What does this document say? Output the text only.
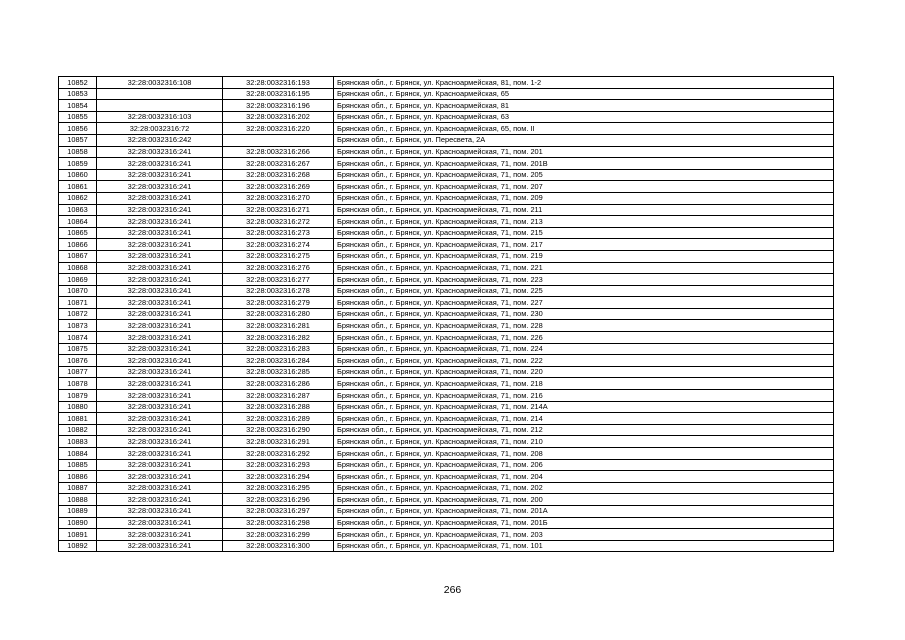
10852	32:28:0032316:108	32:28:0032316:193	Брянская обл., г. Брянск, ул. Красноармейская, 81, пом. 1-2
10853		32:28:0032316:195	Брянская обл., г. Брянск, ул. Красноармейская, 65
10854		32:28:0032316:196	Брянская обл., г. Брянск, ул. Красноармейская, 81
10855	32:28:0032316:103	32:28:0032316:202	Брянская обл., г. Брянск, ул. Красноармейская, 63
10856	32:28:0032316:72	32:28:0032316:220	Брянская обл., г. Брянск, ул. Красноармейская, 65, пом. II
10857	32:28:0032316:242		Брянская обл., г. Брянск, ул. Пересвета, 2А
10858	32:28:0032316:241	32:28:0032316:266	Брянская обл., г. Брянск, ул. Красноармейская, 71, пом. 201
10859	32:28:0032316:241	32:28:0032316:267	Брянская обл., г. Брянск, ул. Красноармейская, 71, пом. 201В
10860	32:28:0032316:241	32:28:0032316:268	Брянская обл., г. Брянск, ул. Красноармейская, 71, пом. 205
10861	32:28:0032316:241	32:28:0032316:269	Брянская обл., г. Брянск, ул. Красноармейская, 71, пом. 207
10862	32:28:0032316:241	32:28:0032316:270	Брянская обл., г. Брянск, ул. Красноармейская, 71, пом. 209
10863	32:28:0032316:241	32:28:0032316:271	Брянская обл., г. Брянск, ул. Красноармейская, 71, пом. 211
10864	32:28:0032316:241	32:28:0032316:272	Брянская обл., г. Брянск, ул. Красноармейская, 71, пом. 213
10865	32:28:0032316:241	32:28:0032316:273	Брянская обл., г. Брянск, ул. Красноармейская, 71, пом. 215
10866	32:28:0032316:241	32:28:0032316:274	Брянская обл., г. Брянск, ул. Красноармейская, 71, пом. 217
10867	32:28:0032316:241	32:28:0032316:275	Брянская обл., г. Брянск, ул. Красноармейская, 71, пом. 219
10868	32:28:0032316:241	32:28:0032316:276	Брянская обл., г. Брянск, ул. Красноармейская, 71, пом. 221
10869	32:28:0032316:241	32:28:0032316:277	Брянская обл., г. Брянск, ул. Красноармейская, 71, пом. 223
10870	32:28:0032316:241	32:28:0032316:278	Брянская обл., г. Брянск, ул. Красноармейская, 71, пом. 225
10871	32:28:0032316:241	32:28:0032316:279	Брянская обл., г. Брянск, ул. Красноармейская, 71, пом. 227
10872	32:28:0032316:241	32:28:0032316:280	Брянская обл., г. Брянск, ул. Красноармейская, 71, пом. 230
10873	32:28:0032316:241	32:28:0032316:281	Брянская обл., г. Брянск, ул. Красноармейская, 71, пом. 228
10874	32:28:0032316:241	32:28:0032316:282	Брянская обл., г. Брянск, ул. Красноармейская, 71, пом. 226
10875	32:28:0032316:241	32:28:0032316:283	Брянская обл., г. Брянск, ул. Красноармейская, 71, пом. 224
10876	32:28:0032316:241	32:28:0032316:284	Брянская обл., г. Брянск, ул. Красноармейская, 71, пом. 222
10877	32:28:0032316:241	32:28:0032316:285	Брянская обл., г. Брянск, ул. Красноармейская, 71, пом. 220
10878	32:28:0032316:241	32:28:0032316:286	Брянская обл., г. Брянск, ул. Красноармейская, 71, пом. 218
10879	32:28:0032316:241	32:28:0032316:287	Брянская обл., г. Брянск, ул. Красноармейская, 71, пом. 216
10880	32:28:0032316:241	32:28:0032316:288	Брянская обл., г. Брянск, ул. Красноармейская, 71, пом. 214А
10881	32:28:0032316:241	32:28:0032316:289	Брянская обл., г. Брянск, ул. Красноармейская, 71, пом. 214
10882	32:28:0032316:241	32:28:0032316:290	Брянская обл., г. Брянск, ул. Красноармейская, 71, пом. 212
10883	32:28:0032316:241	32:28:0032316:291	Брянская обл., г. Брянск, ул. Красноармейская, 71, пом. 210
10884	32:28:0032316:241	32:28:0032316:292	Брянская обл., г. Брянск, ул. Красноармейская, 71, пом. 208
10885	32:28:0032316:241	32:28:0032316:293	Брянская обл., г. Брянск, ул. Красноармейская, 71, пом. 206
10886	32:28:0032316:241	32:28:0032316:294	Брянская обл., г. Брянск, ул. Красноармейская, 71, пом. 204
10887	32:28:0032316:241	32:28:0032316:295	Брянская обл., г. Брянск, ул. Красноармейская, 71, пом. 202
10888	32:28:0032316:241	32:28:0032316:296	Брянская обл., г. Брянск, ул. Красноармейская, 71, пом. 200
10889	32:28:0032316:241	32:28:0032316:297	Брянская обл., г. Брянск, ул. Красноармейская, 71, пом. 201А
10890	32:28:0032316:241	32:28:0032316:298	Брянская обл., г. Брянск, ул. Красноармейская, 71, пом. 201Б
10891	32:28:0032316:241	32:28:0032316:299	Брянская обл., г. Брянск, ул. Красноармейская, 71, пом. 203
10892	32:28:0032316:241	32:28:0032316:300	Брянская обл., г. Брянск, ул. Красноармейская, 71, пом. 101
266
